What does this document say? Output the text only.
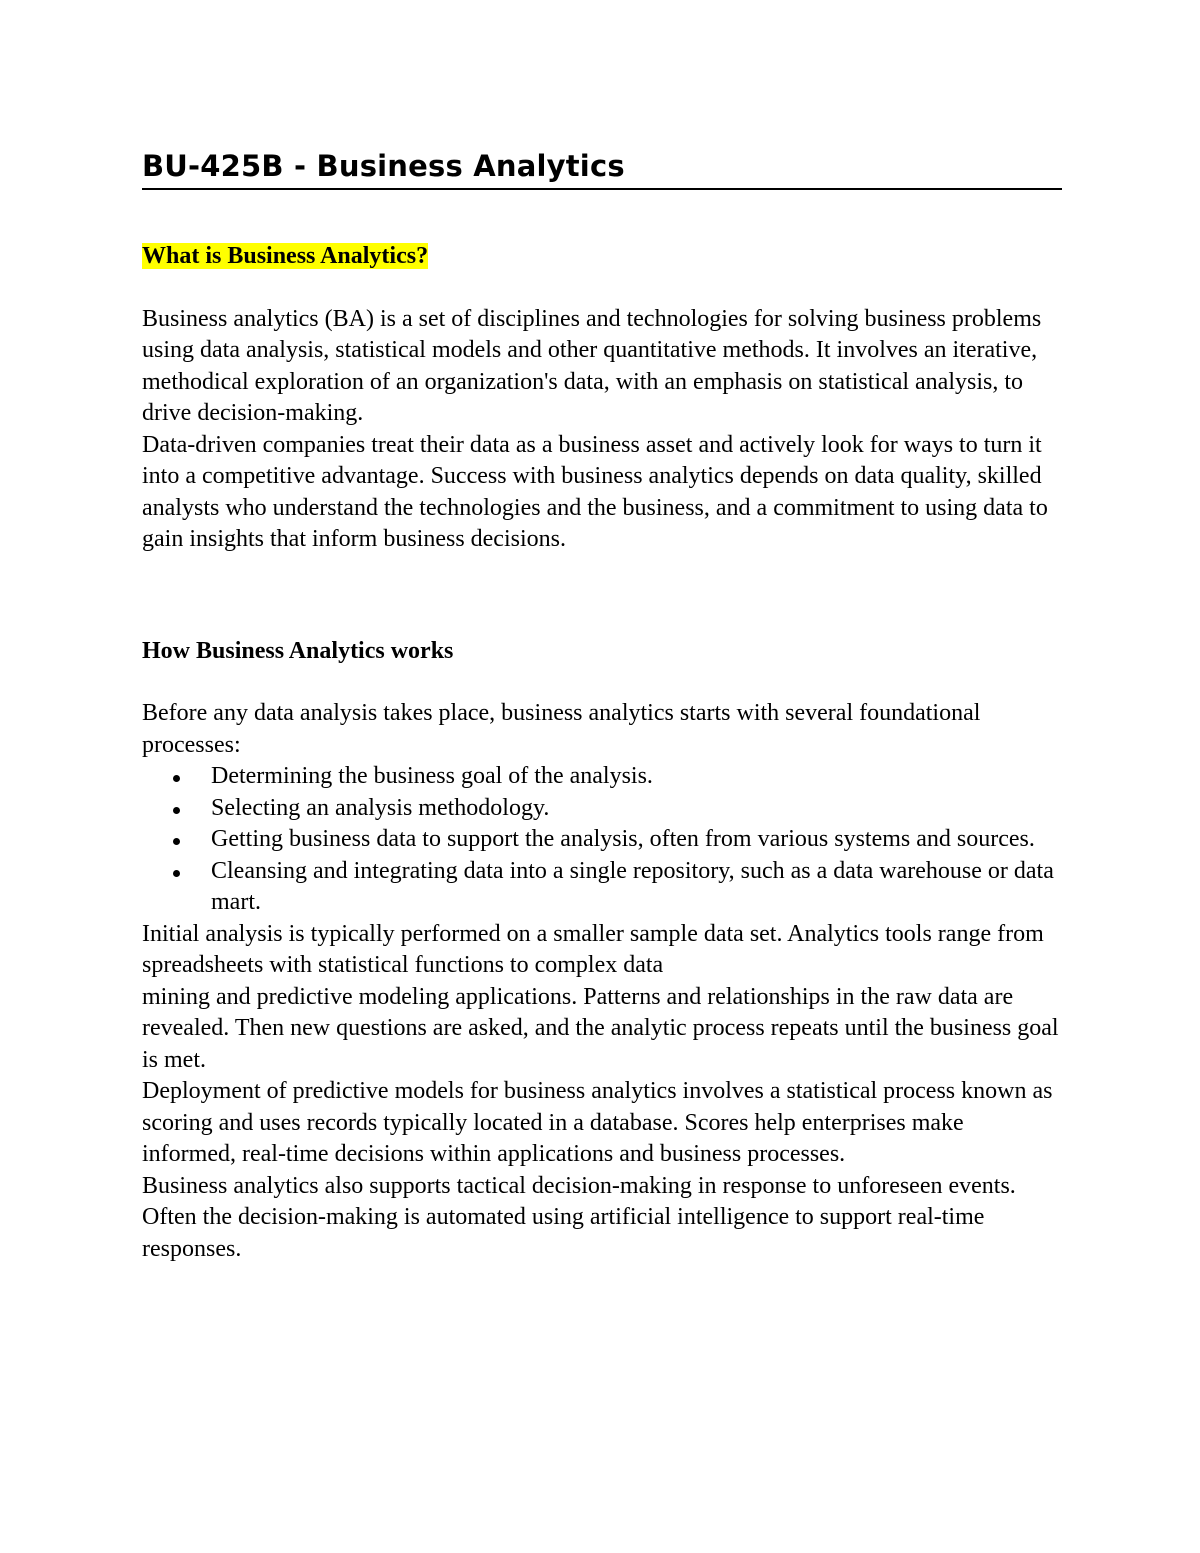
BU-425B - Business Analytics

What is Business Analytics?

Business analytics (BA) is a set of disciplines and technologies for solving business problems using data analysis, statistical models and other quantitative methods. It involves an iterative, methodical exploration of an organization's data, with an emphasis on statistical analysis, to drive decision-making.

Data-driven companies treat their data as a business asset and actively look for ways to turn it into a competitive advantage. Success with business analytics depends on data quality, skilled analysts who understand the technologies and the business, and a commitment to using data to gain insights that inform business decisions.

How Business Analytics works

Before any data analysis takes place, business analytics starts with several foundational processes:

Determining the business goal of the analysis.
Selecting an analysis methodology.
Getting business data to support the analysis, often from various systems and sources.
Cleansing and integrating data into a single repository, such as a data warehouse or data mart.

Initial analysis is typically performed on a smaller sample data set. Analytics tools range from spreadsheets with statistical functions to complex data

mining and predictive modeling applications. Patterns and relationships in the raw data are revealed. Then new questions are asked, and the analytic process repeats until the business goal is met.

Deployment of predictive models for business analytics involves a statistical process known as scoring and uses records typically located in a database. Scores help enterprises make informed, real-time decisions within applications and business processes.

Business analytics also supports tactical decision-making in response to unforeseen events. Often the decision-making is automated using artificial intelligence to support real-time responses.
